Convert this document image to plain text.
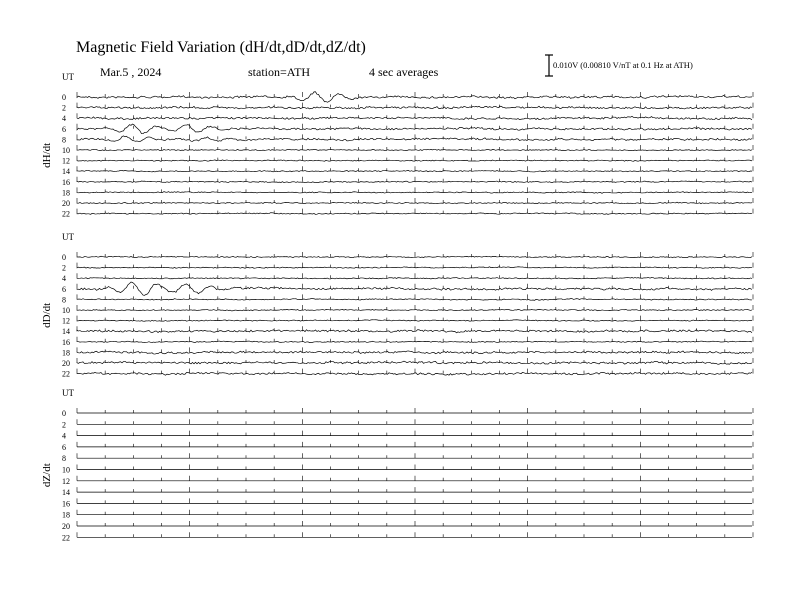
Magnetic Field Variation (dH/dt,dD/dt,dZ/dt)
Mar.5 , 2024	station=ATH	4 sec averages	0.010V (0.00810 V/nT at 0.1 Hz at ATH)
UT
dH/dt
0
2
4
6
8
10
12
14
16
18
20
22
UT
dD/dt
0
2
4
6
8
10
12
14
16
18
20
22
UT
dZ/dt
0
2
4
6
8
10
12
14
16
18
20
22
